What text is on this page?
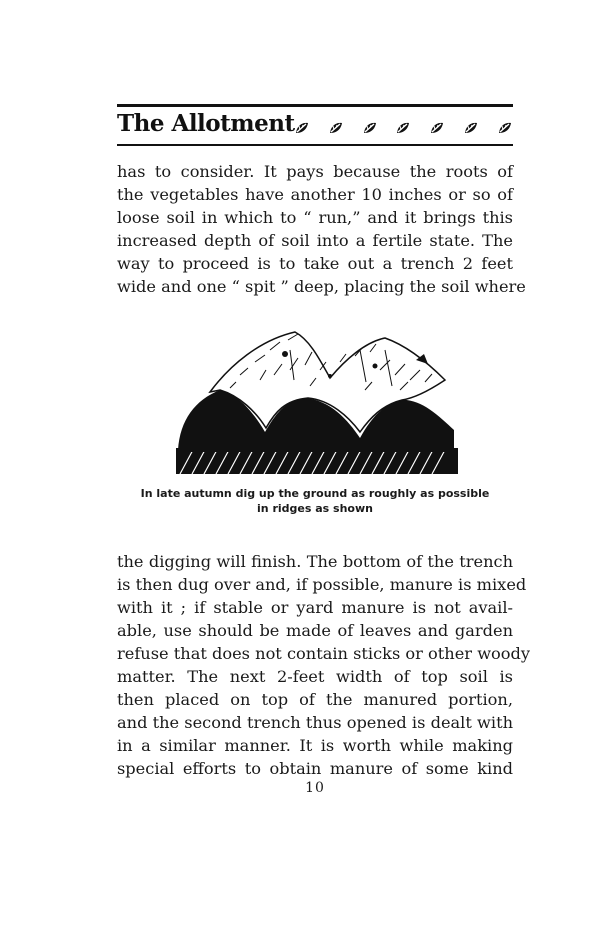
The Allotment
has to consider. It pays because the roots of
the vegetables have another 10 inches or so of
loose soil in which to “ run,” and it brings this
increased depth of soil into a fertile state. The
way to proceed is to take out a trench 2 feet
wide and one “ spit ” deep, placing the soil where
In late autumn dig up the ground as roughly as possible
in ridges as shown
the digging will finish. The bottom of the trench
is then dug over and, if possible, manure is mixed
with it ; if stable or yard manure is not avail-
able, use should be made of leaves and garden
refuse that does not contain sticks or other woody
matter. The next 2-feet width of top soil is
then placed on top of the manured portion,
and the second trench thus opened is dealt with
in a similar manner. It is worth while making
special efforts to obtain manure of some kind
10
